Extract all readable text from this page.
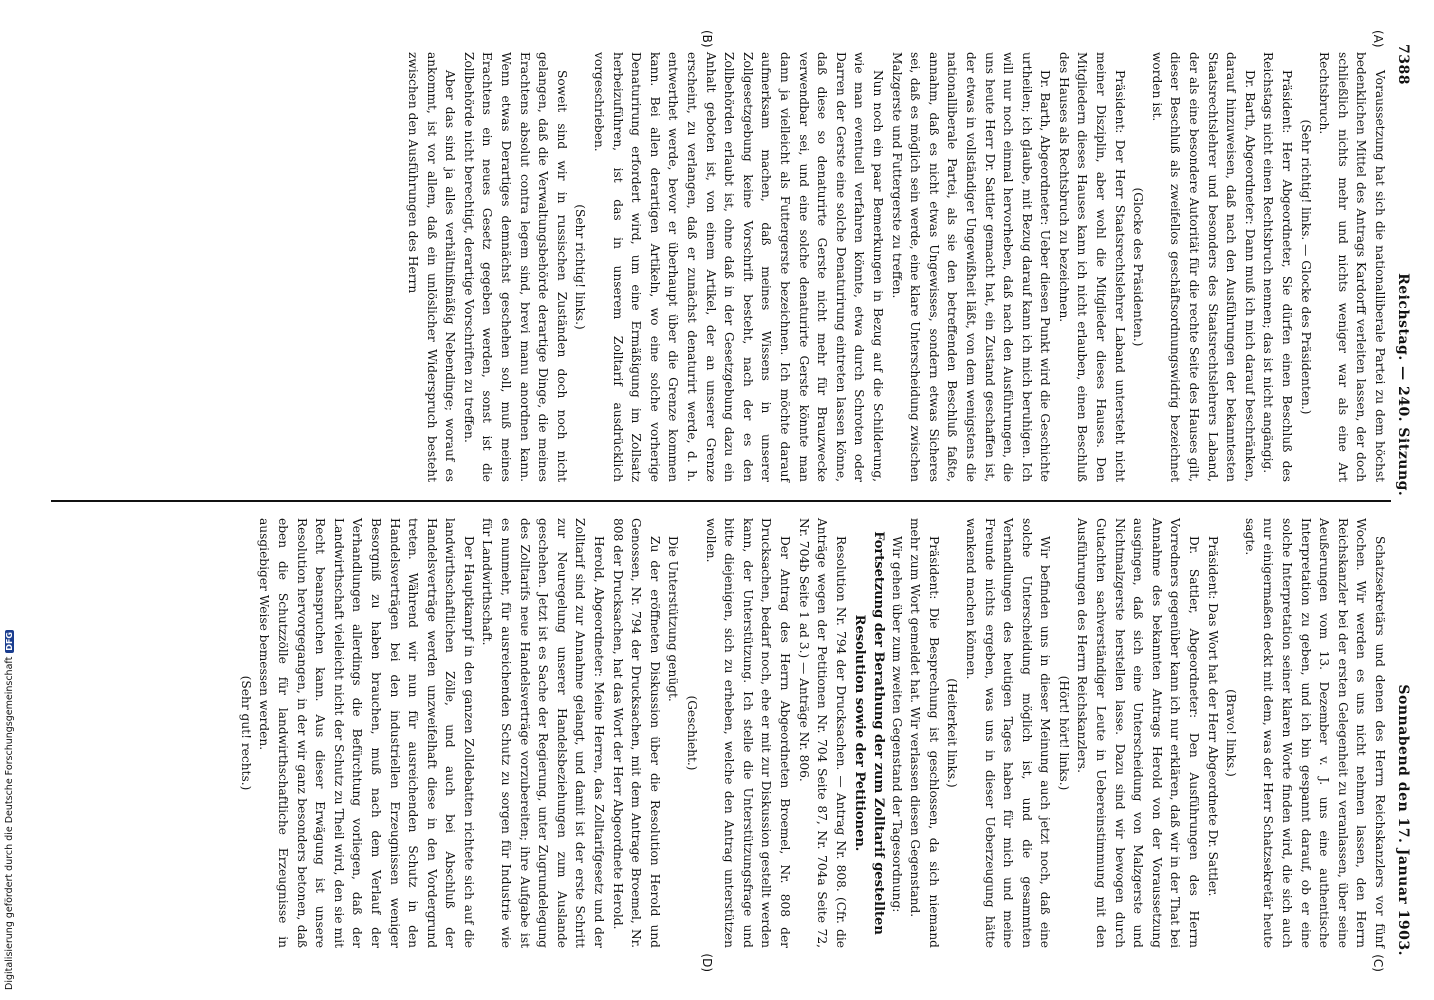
Digitalisierung gefördert durch die Deutsche Forschungsgemeinschaft
DFG
7388
Reichstag. — 240. Sitzung.
Sonnabend den 17. Januar 1903.
(A)
(B)

Voraussetzung hat sich die nationalliberale Partei zu dem höchst bedenklichen Mittel des Antrags Kardorff verleiten lassen, der doch schließlich nichts mehr und nichts weniger war als eine Art Rechtsbruch.

(Sehr richtig! links. — Glocke des Präsidenten.)

Präsident: Herr Abgeordneter, Sie dürfen einen Beschluß des Reichstags nicht einen Rechtsbruch nennen; das ist nicht angängig.

Dr. Barth, Abgeordneter: Dann muß ich mich darauf beschränken, darauf hinzuweisen, daß nach den Ausführungen der bekanntesten Staatsrechtslehrer und besonders des Staatsrechtslehrers Laband, der als eine besondere Autorität für die rechte Seite des Hauses gilt, dieser Beschluß als zweifellos geschäftsordnungswidrig bezeichnet worden ist.

(Glocke des Präsidenten.)

Präsident: Der Herr Staatsrechtslehrer Laband untersteht nicht meiner Disziplin, aber wohl die Mitglieder dieses Hauses. Den Mitgliedern dieses Hauses kann ich nicht erlauben, einen Beschluß des Hauses als Rechtsbruch zu bezeichnen.

Dr. Barth, Abgeordneter: Ueber diesen Punkt wird die Geschichte urtheilen; ich glaube, mit Bezug darauf kann ich mich beruhigen. Ich will nur noch einmal hervorheben, daß nach den Ausführungen, die uns heute Herr Dr. Sattler gemacht hat, ein Zustand geschaffen ist, der etwas in vollständiger Ungewißheit läßt, von dem wenigstens die nationalliberale Partei, als sie den betreffenden Beschluß faßte, annahm, daß es nicht etwas Ungewisses, sondern etwas Sicheres sei, daß es möglich sein werde, eine klare Unterscheidung zwischen Malzgerste und Futtergerste zu treffen.

Nun noch ein paar Bemerkungen in Bezug auf die Schilderung, wie man eventuell verfahren könnte, etwa durch Schroten oder Darren der Gerste eine solche Denaturirung eintreten lassen könne, daß diese so denaturirte Gerste nicht mehr für Brauzwecke verwendbar sei, und eine solche denaturirte Gerste könnte man dann ja vielleicht als Futtergerste bezeichnen. Ich möchte darauf aufmerksam machen, daß meines Wissens in unserer Zollgesetzgebung keine Vorschrift besteht, nach der es den Zollbehörden erlaubt ist, ohne daß in der Gesetzgebung dazu ein Anhalt geboten ist, von einem Artikel, der an unserer Grenze erscheint, zu verlangen, daß er zunächst denaturirt werde, d. h. entwerthet werde, bevor er überhaupt über die Grenze kommen kann. Bei allen derartigen Artikeln, wo eine solche vorherige Denaturirung erfordert wird, um eine Ermäßigung im Zollsatz herbeizuführen, ist das in unserem Zolltarif ausdrücklich vorgeschrieben.

(Sehr richtig! links.)

Soweit sind wir in russischen Zuständen doch noch nicht gelangen, daß die Verwaltungsbehörde derartige Dinge, die meines Erachtens absolut contra legem sind, brevi manu anordnen kann. Wenn etwas Derartiges demnächst geschehen soll, muß meines Erachtens ein neues Gesetz gegeben werden, sonst ist die Zollbehörde nicht berechtigt, derartige Vorschriften zu treffen.

Aber das sind ja alles verhältnißmäßig Nebendinge; worauf es ankommt, ist vor allem, daß ein unlöslicher Widerspruch besteht zwischen den Ausführungen des Herrn

(C)
(D)

Schatzsekretärs und denen des Herrn Reichskanzlers vor fünf Wochen. Wir werden es uns nicht nehmen lassen, den Herrn Reichskanzler bei der ersten Gelegenheit zu veranlassen, über seine Aeußerungen vom 13. Dezember v. J. uns eine authentische Interpretation zu geben, und ich bin gespannt darauf, ob er eine solche Interpretation seiner klaren Worte finden wird, die sich auch nur einigermaßen deckt mit dem, was der Herr Schatzsekretär heute sagte.

(Bravo! links.)

Präsident: Das Wort hat der Herr Abgeordnete Dr. Sattler.

Dr. Sattler, Abgeordneter: Den Ausführungen des Herrn Vorredners gegenüber kann ich nur erklären, daß wir in der That bei Annahme des bekannten Antrags Herold von der Voraussetzung ausgingen, daß sich eine Unterscheidung von Malzgerste und Nichtmalzgerste herstellen lasse. Dazu sind wir bewogen durch Gutachten sachverständiger Leute in Uebereinstimmung mit den Ausführungen des Herrn Reichskanzlers.

(Hört! hört! links.)

Wir befinden uns in dieser Meinung auch jetzt noch, daß eine solche Unterscheidung möglich ist, und die gesammten Verhandlungen des heutigen Tages haben für mich und meine Freunde nichts ergeben, was uns in dieser Ueberzeugung hätte wankend machen können.

(Heiterkeit links.)

Präsident: Die Besprechung ist geschlossen, da sich niemand mehr zum Wort gemeldet hat. Wir verlassen diesen Gegenstand.

Wir gehen über zum zweiten Gegenstand der Tagesordnung:

Fortsetzung der Berathung der zum Zolltarif gestellten Resolution sowie der Petitionen.

Resolution Nr. 794 der Drucksachen. — Antrag Nr. 808. (Cfr. die Anträge wegen der Petitionen Nr. 704 Seite 87, Nr. 704a Seite 72, Nr. 704b Seite 1 ad 3.) — Anträge Nr. 806.

Der Antrag des Herrn Abgeordneten Broemel, Nr. 808 der Drucksachen, bedarf noch, ehe er mit zur Diskussion gestellt werden kann, der Unterstützung. Ich stelle die Unterstützungsfrage und bitte diejenigen, sich zu erheben, welche den Antrag unterstützen wollen.

(Geschieht.)

Die Unterstützung genügt.

Zu der eröffneten Diskussion über die Resolution Herold und Genossen, Nr. 794 der Drucksachen, mit dem Antrage Broemel, Nr. 808 der Drucksachen, hat das Wort der Herr Abgeordnete Herold.

Herold, Abgeordneter: Meine Herren, das Zolltarifgesetz und der Zolltarif sind zur Annahme gelangt, und damit ist der erste Schritt zur Neuregelung unserer Handelsbeziehungen zum Auslande geschehen. Jetzt ist es Sache der Regierung, unter Zugrundelegung des Zolltarifs neue Handelsverträge vorzubereiten; ihre Aufgabe ist es nunmehr, für ausreichenden Schutz zu sorgen für Industrie wie für Landwirthschaft.

Der Hauptkampf in den ganzen Zolldebatten richtete sich auf die landwirthschaftlichen Zölle, und auch bei Abschluß der Handelsverträge werden unzweifelhaft diese in den Vordergrund treten. Während wir nun für ausreichenden Schutz in den Handelsverträgen bei den industriellen Erzeugnissen weniger Besorgniß zu haben brauchen, muß nach dem Verlauf der Verhandlungen allerdings die Befürchtung vorliegen, daß der Landwirthschaft vielleicht nicht der Schutz zu Theil wird, den sie mit Recht beanspruchen kann. Aus dieser Erwägung ist unsere Resolution hervorgegangen, in der wir ganz besonders betonen, daß eben die Schutzzölle für landwirthschaftliche Erzeugnisse in ausgiebiger Weise bemessen werden.

(Sehr gut! rechts.)
